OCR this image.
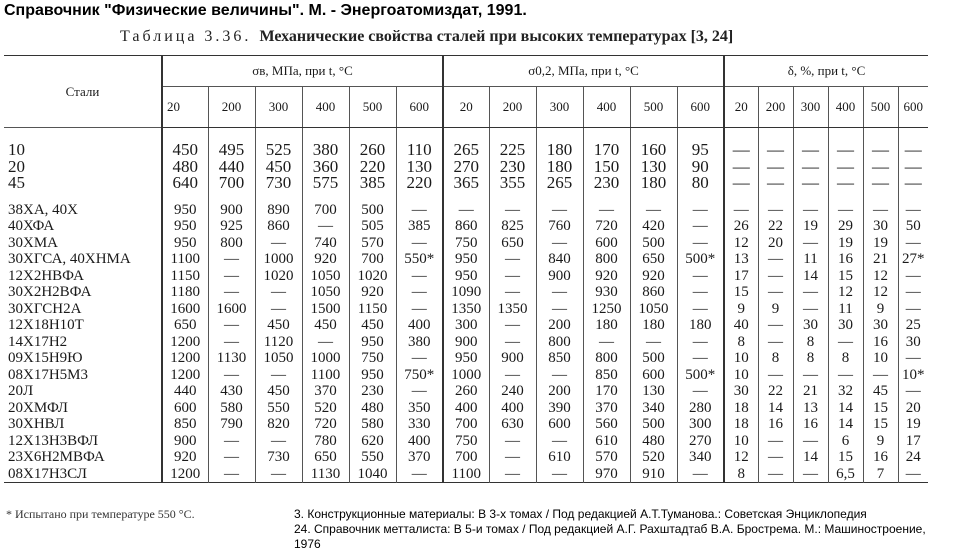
Справочник "Физические величины". М. - Энергоатомиздат, 1991.
Таблица 3.36. Механические свойства сталей при высоких температурах [3, 24]
Стали	σв, МПа, при t, °С						σ0,2, МПа, при t, °С						δ, %, при t, °С					
	20	200	300	400	500	600	20	200	300	400	500	600	20	200	300	400	500	600
10	450	495	525	380	260	110	265	225	180	170	160	95	—	—	—	—	—	—
20	480	440	450	360	220	130	270	230	180	150	130	90	—	—	—	—	—	—
45	640	700	730	575	385	220	365	355	265	230	180	80	—	—	—	—	—	—
38ХА, 40Х	950	900	890	700	500	—	—	—	—	—	—	—	—	—	—	—	—	—
40ХФА	950	925	860	—	505	385	860	825	760	720	420	—	26	22	19	29	30	50
30ХМА	950	800	—	740	570	—	750	650	—	600	500	—	12	20	—	19	19	—
30ХГСА, 40ХНМА	1100	—	1000	920	700	550*	950	—	840	800	650	500*	13	—	11	16	21	27*
12Х2НВФА	1150	—	1020	1050	1020	—	950	—	900	920	920	—	17	—	14	15	12	—
30Х2Н2ВФА	1180	—	—	1050	920	—	1090	—	—	930	860	—	15	—	—	12	12	—
30ХГСН2А	1600	1600	—	1500	1150	—	1350	1350	—	1250	1050	—	9	9	—	11	9	—
12Х18Н10Т	650	—	450	450	450	400	300	—	200	180	180	180	40	—	30	30	30	25
14Х17Н2	1200	—	1120	—	950	380	900	—	800	—	—	—	8	—	8	—	16	30
09Х15Н9Ю	1200	1130	1050	1000	750	—	950	900	850	800	500	—	10	8	8	8	10	—
08Х17Н5М3	1200	—	—	1100	950	750*	1000	—	—	850	600	500*	10	—	—	—	—	10*
20Л	440	430	450	370	230	—	260	240	200	170	130	—	30	22	21	32	45	—
20ХМФЛ	600	580	550	520	480	350	400	400	390	370	340	280	18	14	13	14	15	20
30ХНВЛ	850	790	820	720	580	330	700	630	600	560	500	300	18	16	16	14	15	19
12Х13Н3ВФЛ	900	—	—	780	620	400	750	—	—	610	480	270	10	—	—	6	9	17
23Х6Н2МВФА	920	—	730	650	550	370	700	—	610	570	520	340	12	—	14	15	16	24
08Х17Н3СЛ	1200	—	—	1130	1040	—	1100	—	—	970	910	—	8	—	—	6,5	7	—
* Испытано при температуре 550 °С.	3. Конструкционные материалы: В 3-х томах / Под редакцией А.Т.Туманова.: Советская Энциклопедия
24. Справочник метталиста: В 5-и томах / Под редакцией А.Г. Рахштадтаб В.А. Брострема. М.: Машиностроение, 1976
